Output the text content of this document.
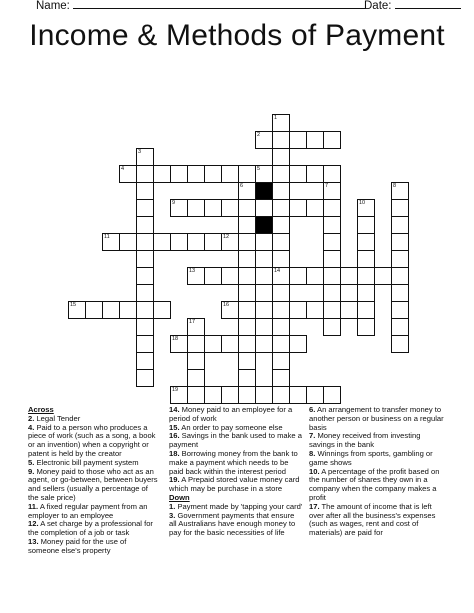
Name:	Date:
Income & Methods of Payment
1
2
3
4	5
6	7	8
9	10
11	12
13	14
15	16
17
18
19
Across
2. Legal Tender
4. Paid to a person who produces a piece of work (such as a song, a book or an invention) when a copyright or patent is held by the creator
5. Electronic bill payment system
9. Money paid to those who act as an agent, or go-between, between buyers and sellers (usually a percentage of the sale price)
11. A fixed regular payment from an employer to an employee
12. A set charge by a professional for the completion of a job or task
13. Money paid for the use of someone else's property
14. Money paid to an employee for a period of work
15. An order to pay someone else
16. Savings in the bank used to make a payment
18. Borrowing money from the bank to make a payment which needs to be paid back within the interest period
19. A Prepaid stored value money card which may be purchase in a store
Down
1. Payment made by 'tapping your card'
3. Government payments that ensure all Australians have enough money to pay for the basic necessities of life
6. An arrangement to transfer money to another person or business on a regular basis
7. Money received from investing savings in the bank
8. Winnings from sports, gambling or game shows
10. A percentage of the profit based on the number of shares they own in a company when the company makes a profit
17. The amount of income that is left over after all the business's expenses (such as wages, rent and cost of materials) are paid for
